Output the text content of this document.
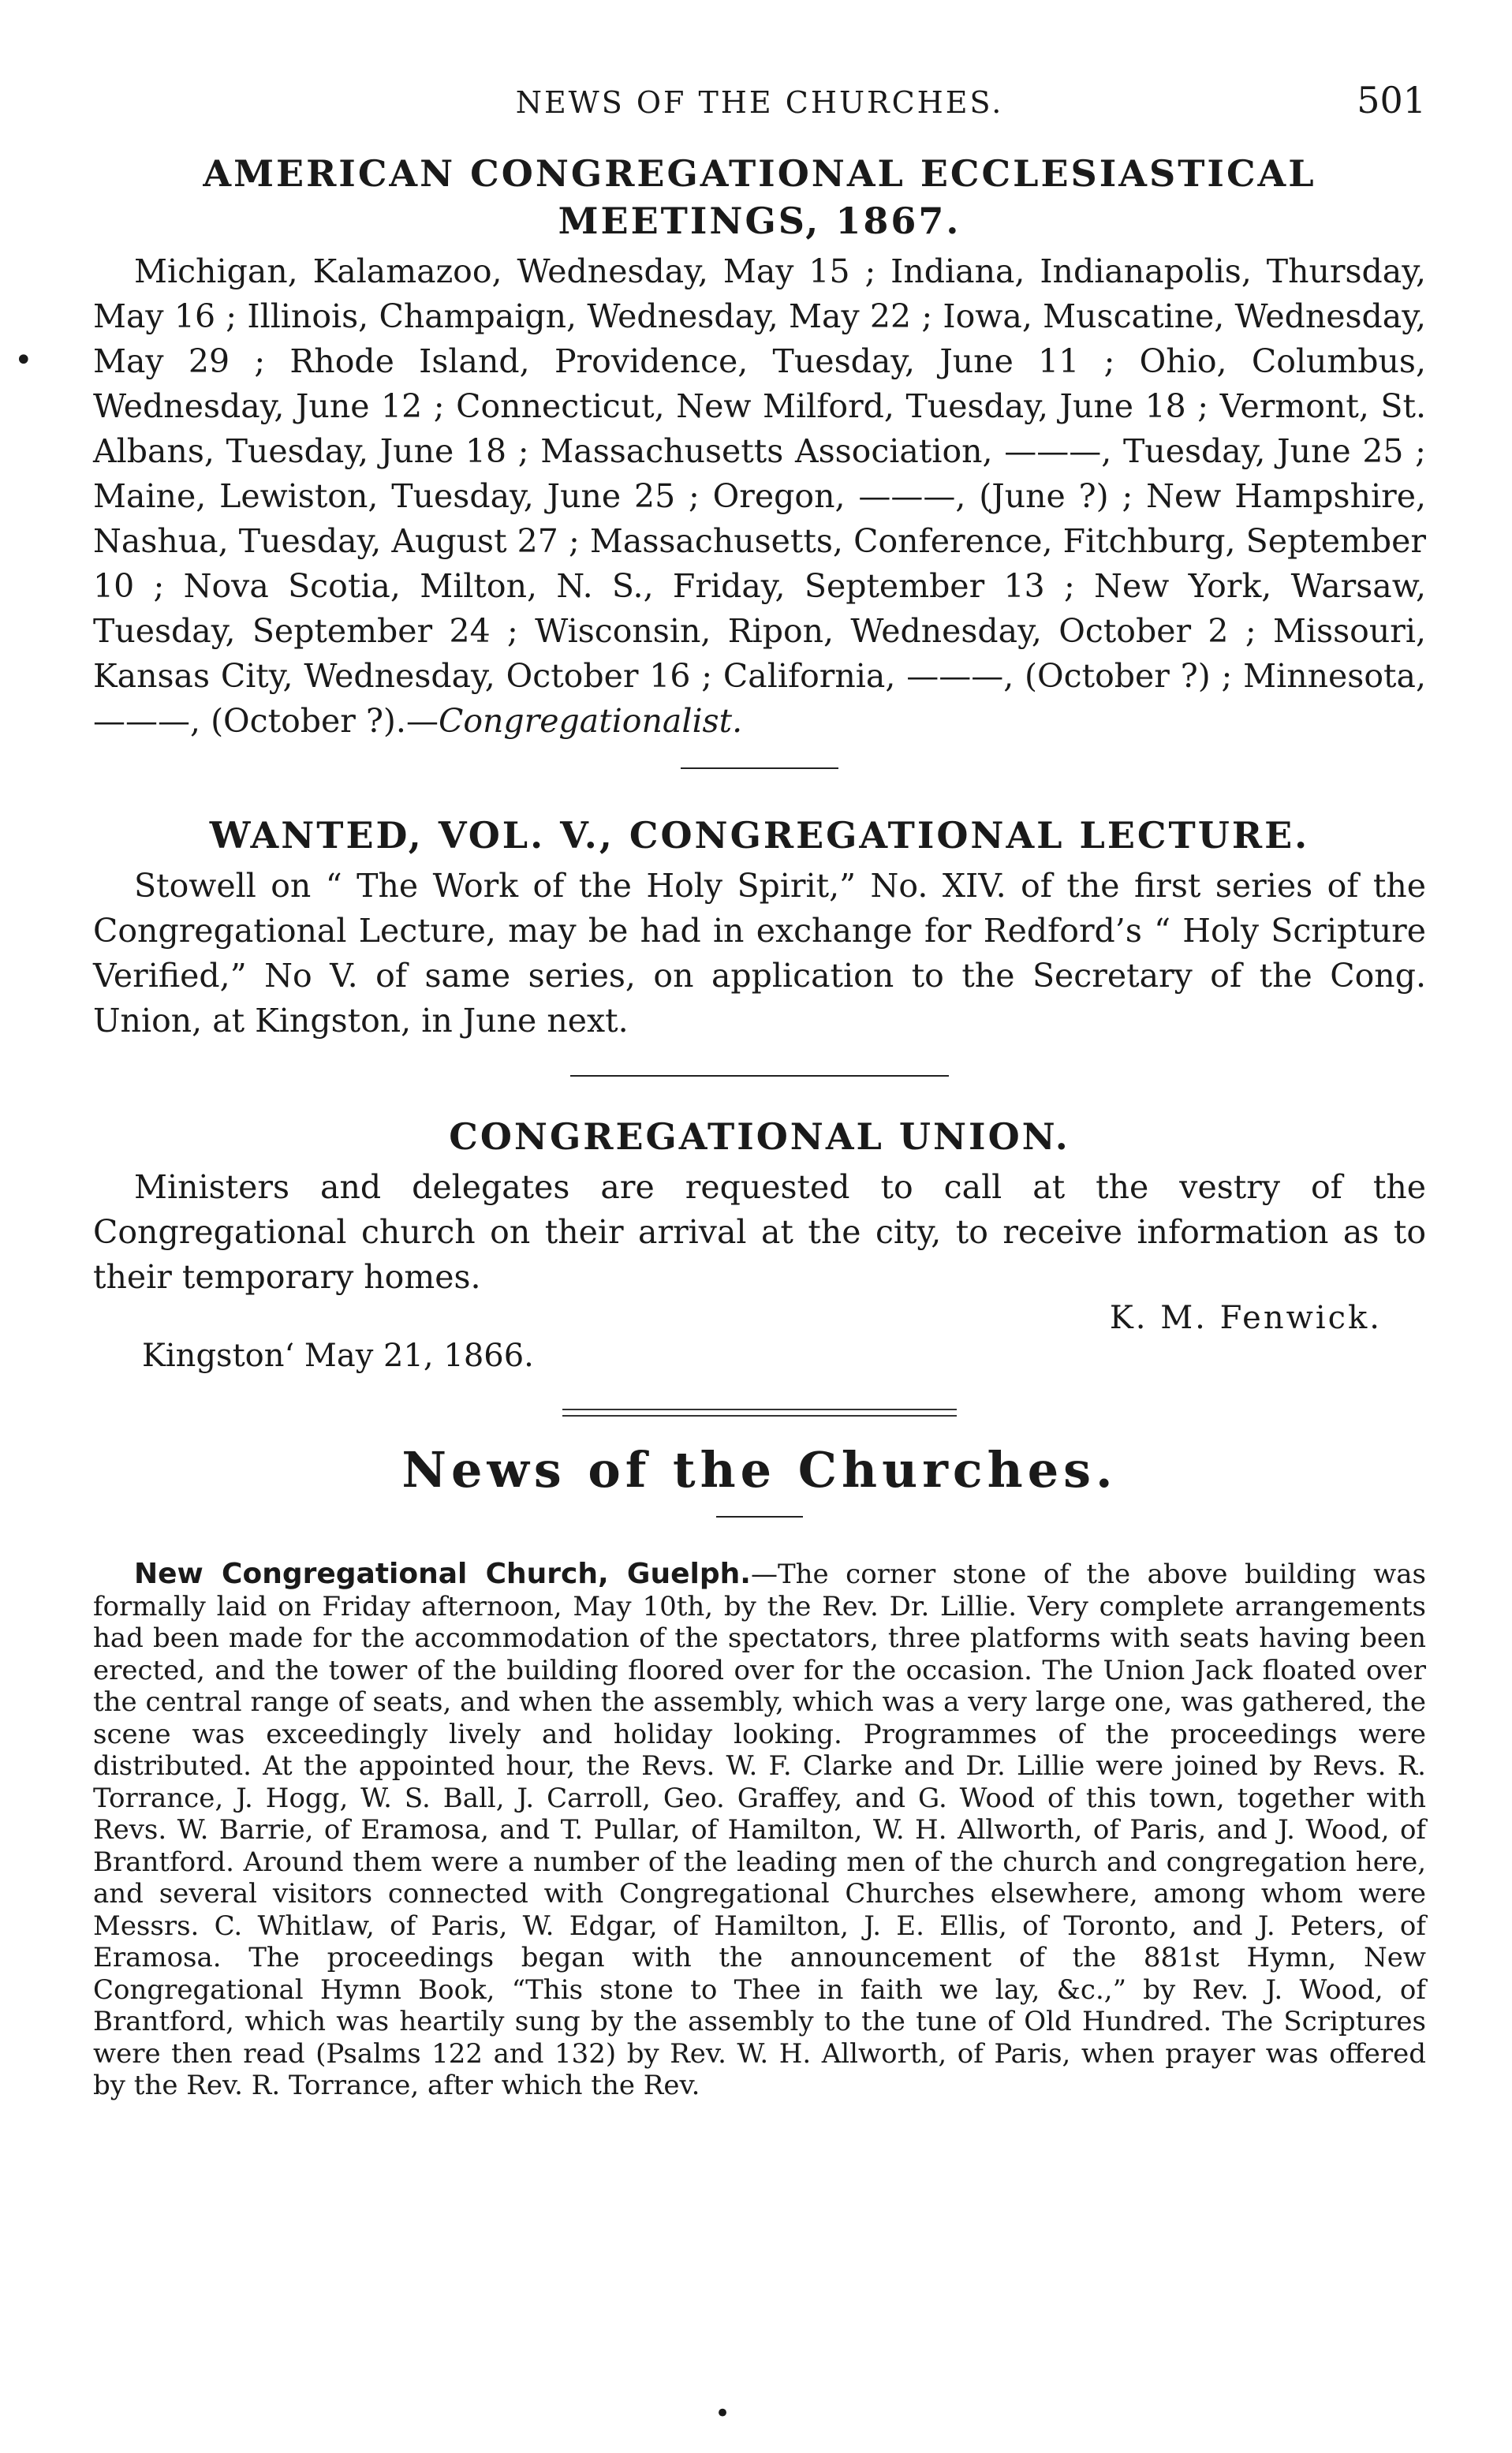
•
NEWS OF THE CHURCHES.	501
AMERICAN CONGREGATIONAL ECCLESIASTICAL
MEETINGS, 1867.

Michigan, Kalamazoo, Wednesday, May 15 ; Indiana, Indianapolis, Thursday, May 16 ; Illinois, Champaign, Wednesday, May 22 ; Iowa, Muscatine, Wednesday, May 29 ; Rhode Island, Providence, Tuesday, June 11 ; Ohio, Columbus, Wednesday, June 12 ; Connecticut, New Milford, Tuesday, June 18 ; Vermont, St. Albans, Tuesday, June 18 ; Massachusetts Association, ———, Tuesday, June 25 ; Maine, Lewiston, Tuesday, June 25 ; Oregon, ———, (June ?) ; New Hampshire, Nashua, Tuesday, August 27 ; Massachusetts, Conference, Fitchburg, September 10 ; Nova Scotia, Milton, N. S., Friday, September 13 ; New York, Warsaw, Tuesday, September 24 ; Wisconsin, Ripon, Wednesday, October 2 ; Missouri, Kansas City, Wednesday, October 16 ; California, ———, (October ?) ; Minnesota, ———, (October ?).—Congregationalist.

WANTED, VOL. V., CONGREGATIONAL LECTURE.

Stowell on “ The Work of the Holy Spirit,” No. XIV. of the first series of the Congregational Lecture, may be had in exchange for Redford’s “ Holy Scripture Verified,” No V. of same series, on application to the Secretary of the Cong. Union, at Kingston, in June next.

CONGREGATIONAL UNION.

Ministers and delegates are requested to call at the vestry of the Congregational church on their arrival at the city, to receive information as to their temporary homes.

K. M. Fenwick.
Kingston‘ May 21, 1866.
News of the Churches.

New Congregational Church, Guelph.—The corner stone of the above building was formally laid on Friday afternoon, May 10th, by the Rev. Dr. Lillie. Very complete arrangements had been made for the accommodation of the spectators, three platforms with seats having been erected, and the tower of the building floored over for the occasion. The Union Jack floated over the central range of seats, and when the assembly, which was a very large one, was gathered, the scene was exceedingly lively and holiday looking. Programmes of the proceedings were distributed. At the appointed hour, the Revs. W. F. Clarke and Dr. Lillie were joined by Revs. R. Torrance, J. Hogg, W. S. Ball, J. Carroll, Geo. Graffey, and G. Wood of this town, together with Revs. W. Barrie, of Eramosa, and T. Pullar, of Hamilton, W. H. Allworth, of Paris, and J. Wood, of Brantford. Around them were a number of the leading men of the church and congregation here, and several visitors connected with Congregational Churches elsewhere, among whom were Messrs. C. Whitlaw, of Paris, W. Edgar, of Hamilton, J. E. Ellis, of Toronto, and J. Peters, of Eramosa. The proceedings began with the announcement of the 881st Hymn, New Congregational Hymn Book, “This stone to Thee in faith we lay, &c.,” by Rev. J. Wood, of Brantford, which was heartily sung by the assembly to the tune of Old Hundred. The Scriptures were then read (Psalms 122 and 132) by Rev. W. H. Allworth, of Paris, when prayer was offered by the Rev. R. Torrance, after which the Rev.

•
